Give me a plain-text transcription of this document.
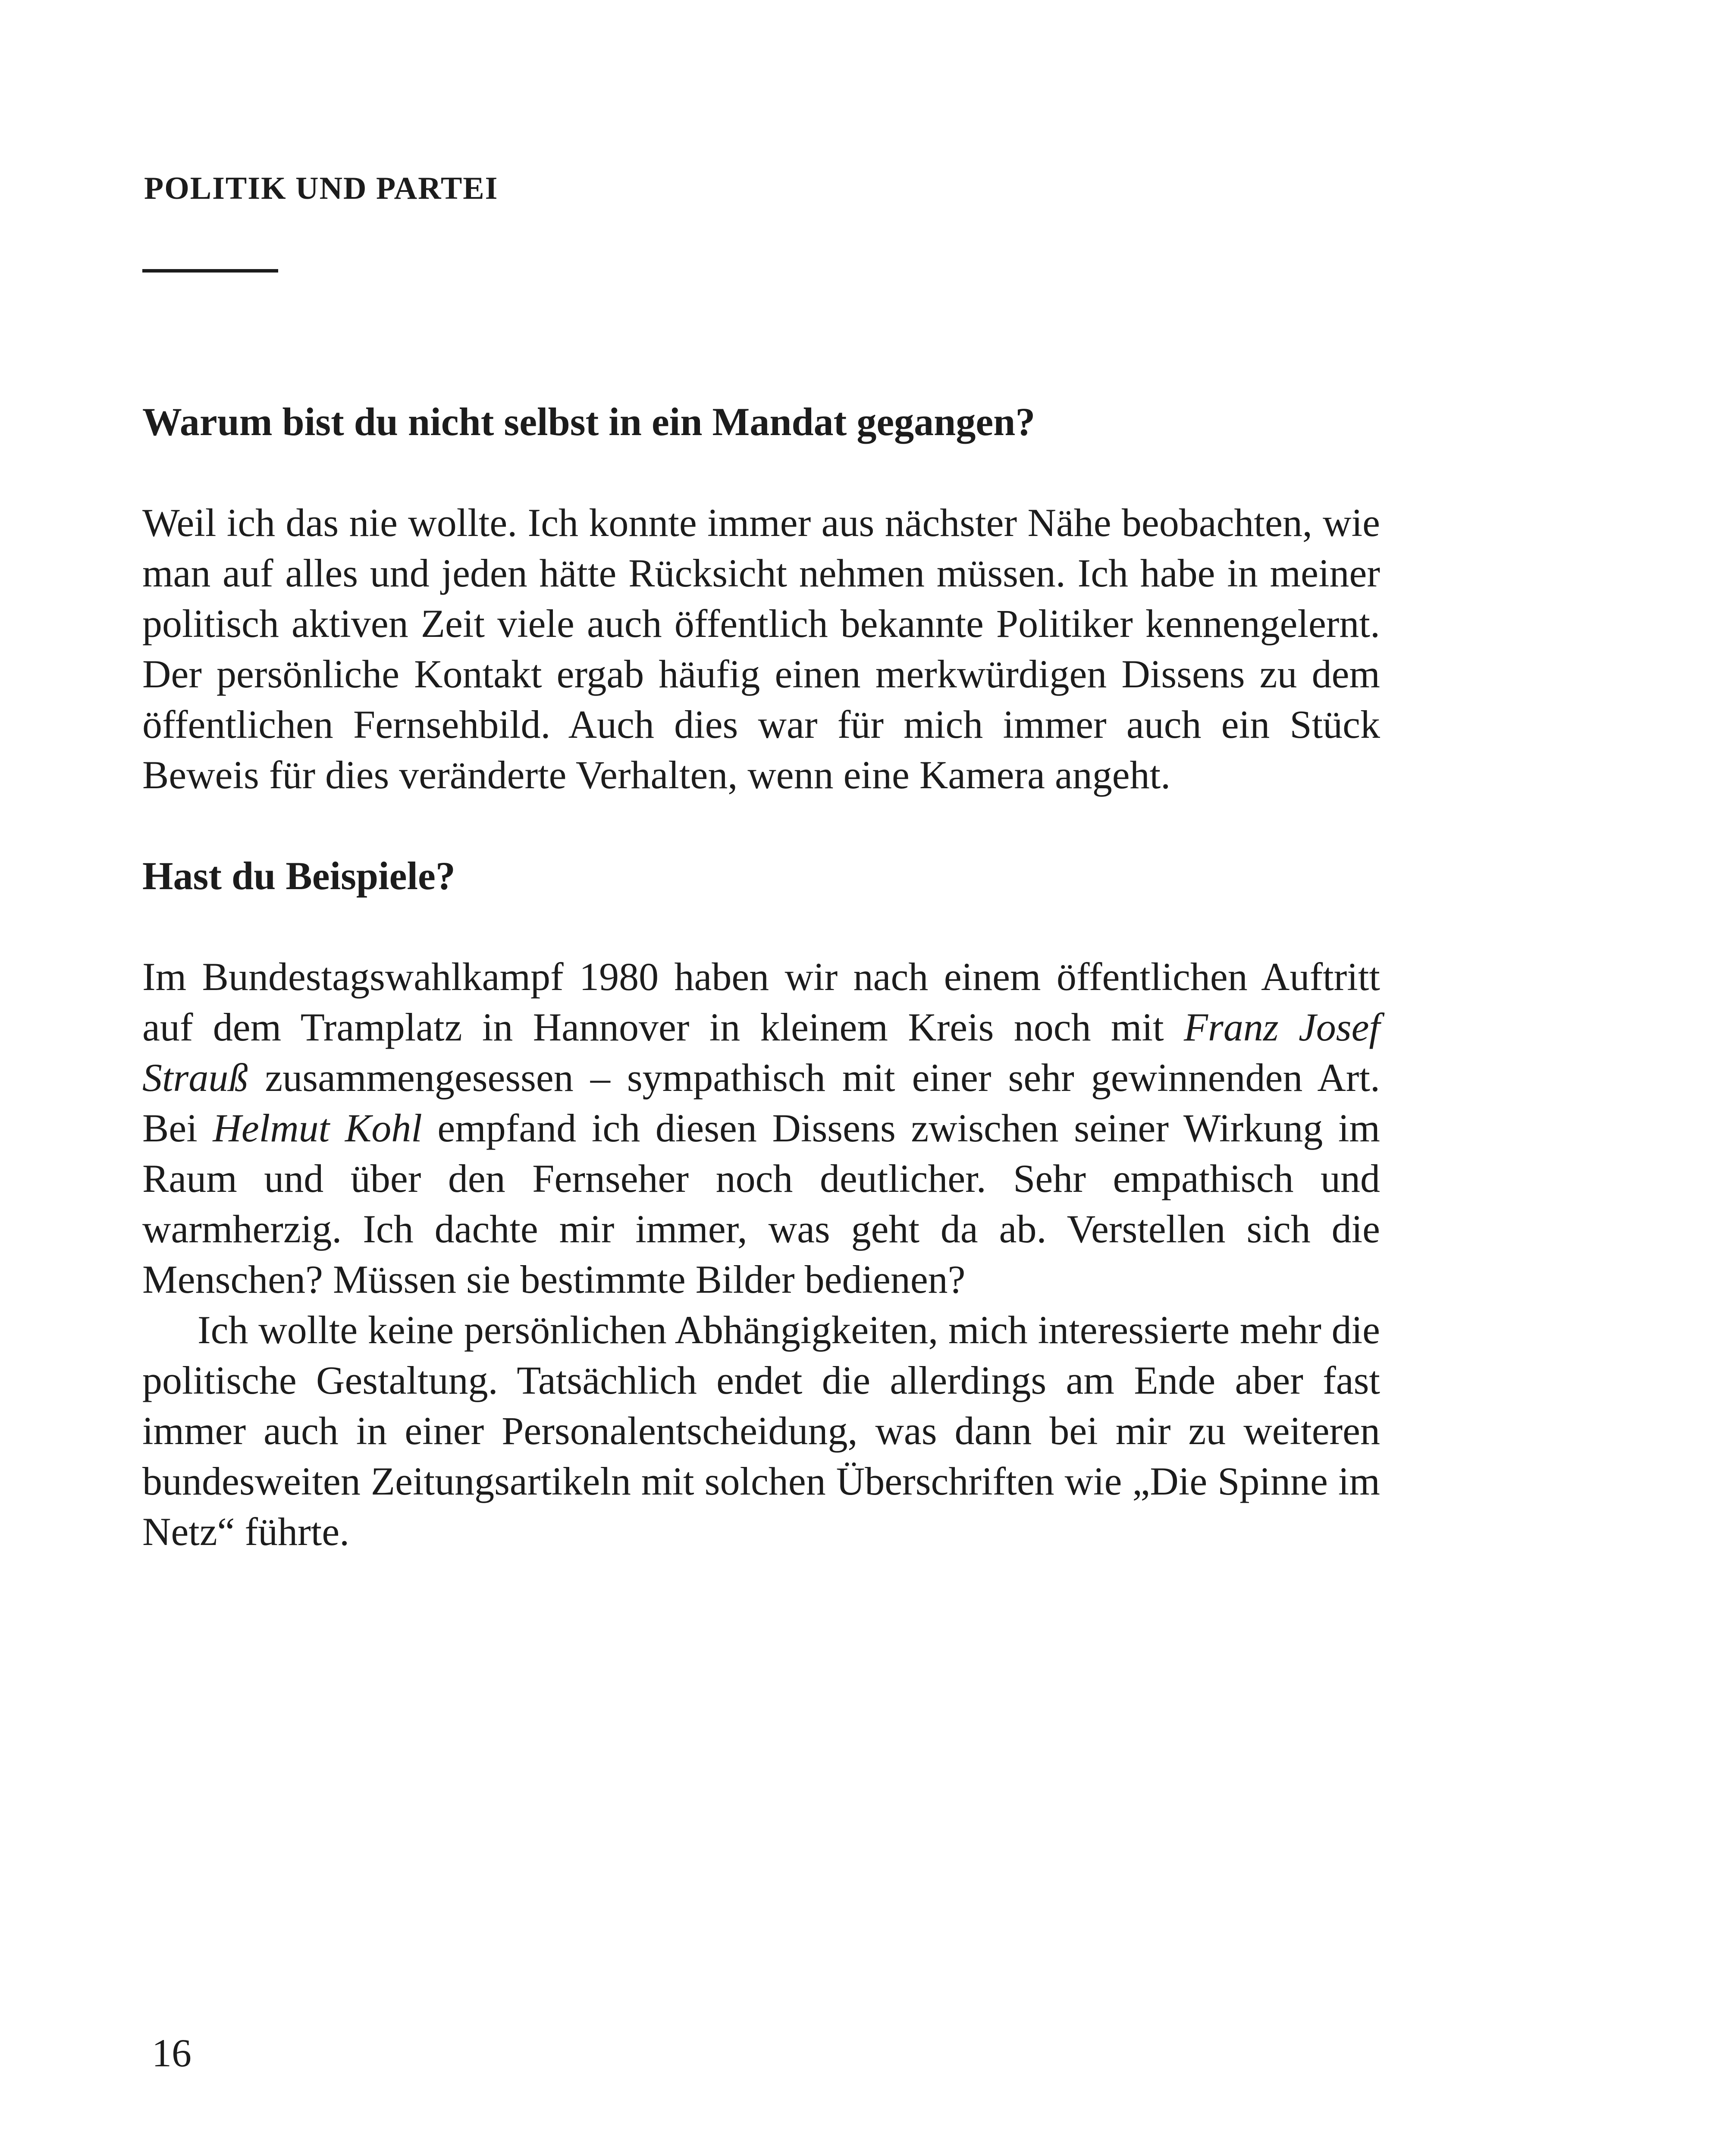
POLITIK UND PARTEI

Warum bist du nicht selbst in ein Mandat gegangen?

Weil ich das nie wollte. Ich konnte immer aus nächster Nähe beobachten, wie man auf alles und jeden hätte Rücksicht nehmen müssen. Ich habe in meiner politisch aktiven Zeit viele auch öffentlich bekannte Politiker kennengelernt. Der persönliche Kontakt ergab häufig einen merkwürdigen Dissens zu dem öffentlichen Fernsehbild. Auch dies war für mich immer auch ein Stück Beweis für dies veränderte Verhalten, wenn eine Kamera angeht.

Hast du Beispiele?

Im Bundestagswahlkampf 1980 haben wir nach einem öffentlichen Auftritt auf dem Tramplatz in Hannover in kleinem Kreis noch mit Franz Josef Strauß zusammengesessen – sympathisch mit einer sehr gewinnenden Art. Bei Helmut Kohl empfand ich diesen Dissens zwischen seiner Wirkung im Raum und über den Fernseher noch deutlicher. Sehr empathisch und warmherzig. Ich dachte mir immer, was geht da ab. Verstellen sich die Menschen? Müssen sie bestimmte Bilder bedienen?

Ich wollte keine persönlichen Abhängigkeiten, mich interessierte mehr die politische Gestaltung. Tatsächlich endet die allerdings am Ende aber fast immer auch in einer Personalentscheidung, was dann bei mir zu weiteren bundesweiten Zeitungsartikeln mit solchen Überschriften wie „Die Spinne im Netz“ führte.

16
